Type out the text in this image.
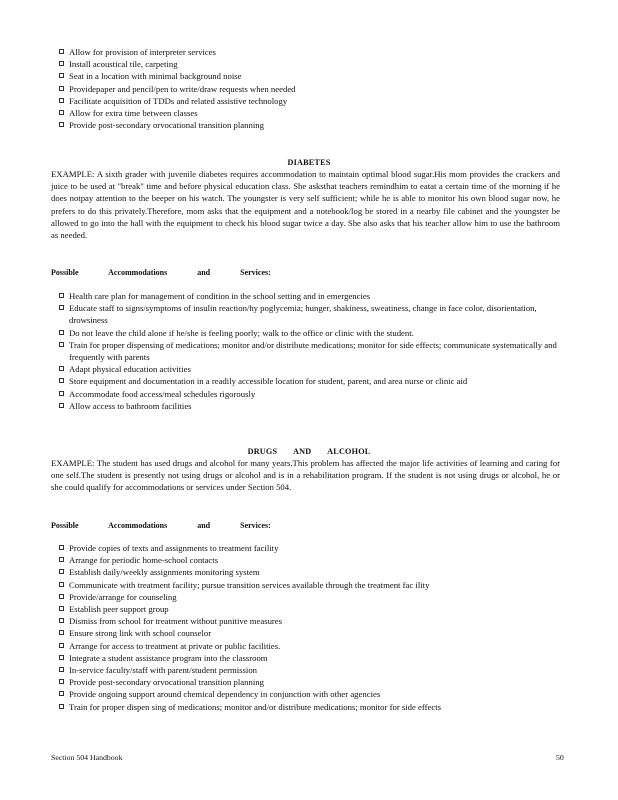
Allow for provision of interpreter services
Install acoustical tile, carpeting
Seat in a location with minimal background noise
Providepaper and pencil/pen to write/draw requests when needed
Facilitate acquisition of TDDs and related assistive technology
Allow for extra time between classes
Provide post-secondary orvocational transition planning
DIABETES

EXAMPLE: A sixth grader with juvenile diabetes requires accommodation to maintain optimal blood sugar.His mom provides the crackers and juice to be used at "break" time and before physical education class. She asksthat teachers remindhim to eatat a certain time of the morning if he does notpay attention to the beeper on his watch. The youngster is very self sufficient; while he is able to monitor his own blood sugar now, he prefers to do this privately.Therefore, mom asks that the equipment and a notebook/log be stored in a nearby file cabinet and the youngster be allowed to go into the hall with the equipment to check his blood sugar twice a day. She also asks that his teacher allow him to use the bathroom as needed.

Possible Accommodations and Services:
Health care plan for management of condition in the school setting and in emergencies
Educate staff to signs/symptoms of insulin reaction/hy poglycemia; hunger, shakiness, sweatiness, change in face color, disorientation, drowsiness
Do not leave the child alone if he/she is feeling poorly; walk to the office or clinic with the student.
Train for proper dispensing of medications; monitor and/or distribute medications; monitor for side effects; communicate systematically and frequently with parents
Adapt physical education activities
Store equipment and documentation in a readily accessible location for student, parent, and area nurse or clinic aid
Accommodate food access/meal schedules rigorously
Allow access to bathroom facilities
DRUGS AND ALCOHOL

EXAMPLE: The student has used drugs and alcohol for many years.This problem has affected the major life activities of learning and caring for one self.The student is presently not using drugs or alcohol and is in a rehabilitation program. If the student is not using drugs or alcohol, he or she could qualify for accommodations or services under Section 504.

Possible Accommodations and Services:
Provide copies of texts and assignments to treatment facility
Arrange for periodic home-school contacts
Establish daily/weekly assignments monitoring system
Communicate with treatment facility; pursue transition services available through the treatment fac ility
Provide/arrange for counseling
Establish peer support group
Dismiss from school for treatment without punitive measures
Ensure strong link with school counselor
Arrange for access to treatment at private or public facilities.
Integrate a student assistance program into the classroom
In-service faculty/staff with parent/student permission
Provide post-secondary orvocational transition planning
Provide ongoing support around chemical dependency in conjunction with other agencies
Train for proper dispen sing of medications; monitor and/or distribute medications; monitor for side effects
Section 504 Handbook	50
